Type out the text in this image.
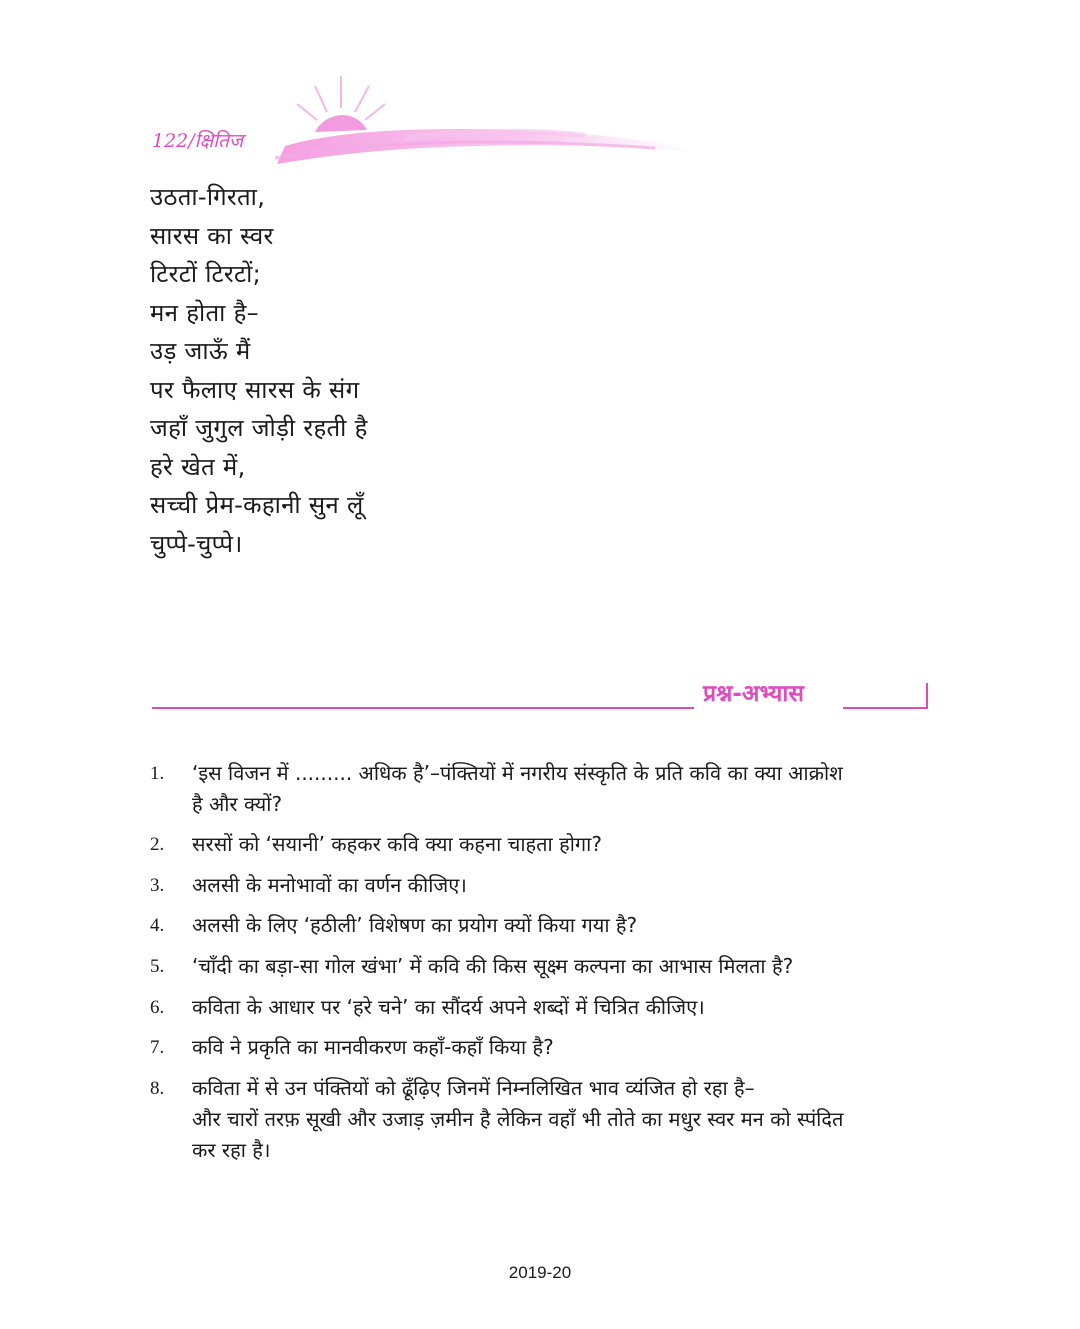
122/क्षितिज
उठता-गिरता,
सारस का स्वर
टिरटों टिरटों;
मन होता है–
उड़ जाऊँ मैं
पर फैलाए सारस के संग
जहाँ जुगुल जोड़ी रहती है
हरे खेत में,
सच्ची प्रेम-कहानी सुन लूँ
चुप्पे-चुप्पे।
प्रश्न-अभ्यास
1. ‘इस विजन में ......... अधिक है’–पंक्तियों में नगरीय संस्कृति के प्रति कवि का क्या आक्रोश
है और क्यों?
2. सरसों को ‘सयानी’ कहकर कवि क्या कहना चाहता होगा?
3. अलसी के मनोभावों का वर्णन कीजिए।
4. अलसी के लिए ‘हठीली’ विशेषण का प्रयोग क्यों किया गया है?
5. ‘चाँदी का बड़ा-सा गोल खंभा’ में कवि की किस सूक्ष्म कल्पना का आभास मिलता है?
6. कविता के आधार पर ‘हरे चने’ का सौंदर्य अपने शब्दों में चित्रित कीजिए।
7. कवि ने प्रकृति का मानवीकरण कहाँ-कहाँ किया है?
8. कविता में से उन पंक्तियों को ढूँढ़िए जिनमें निम्नलिखित भाव व्यंजित हो रहा है–
और चारों तरफ़ सूखी और उजाड़ ज़मीन है लेकिन वहाँ भी तोते का मधुर स्वर मन को स्पंदित
कर रहा है।
2019-20
